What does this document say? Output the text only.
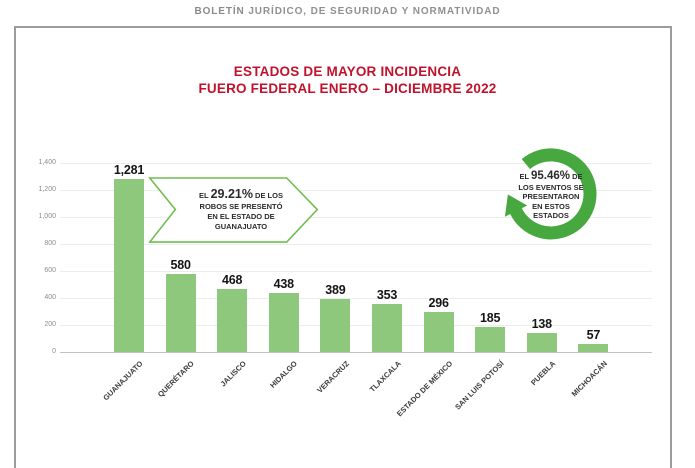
BOLETÍN JURÍDICO, DE SEGURIDAD Y NORMATIVIDAD
ESTADOS DE MAYOR INCIDENCIA
FUERO FEDERAL ENERO – DICIEMBRE 2022
0
200
400
600
800
1,000
1,200
1,400
1,281
GUANAJUATO
580
QUERÉTARO
468
JALISCO
438
HIDALGO
389
VERACRUZ
353
TLAXCALA
296
ESTADO DE MÉXICO
185
SAN LUIS POTOSÍ
138
PUEBLA
57
MICHOACÁN
EL 29.21% DE LOS
ROBOS SE PRESENTÓ
EN EL ESTADO DE
GUANAJUATO
EL 95.46% DE
LOS EVENTOS SE
PRESENTARON
EN ESTOS
ESTADOS
